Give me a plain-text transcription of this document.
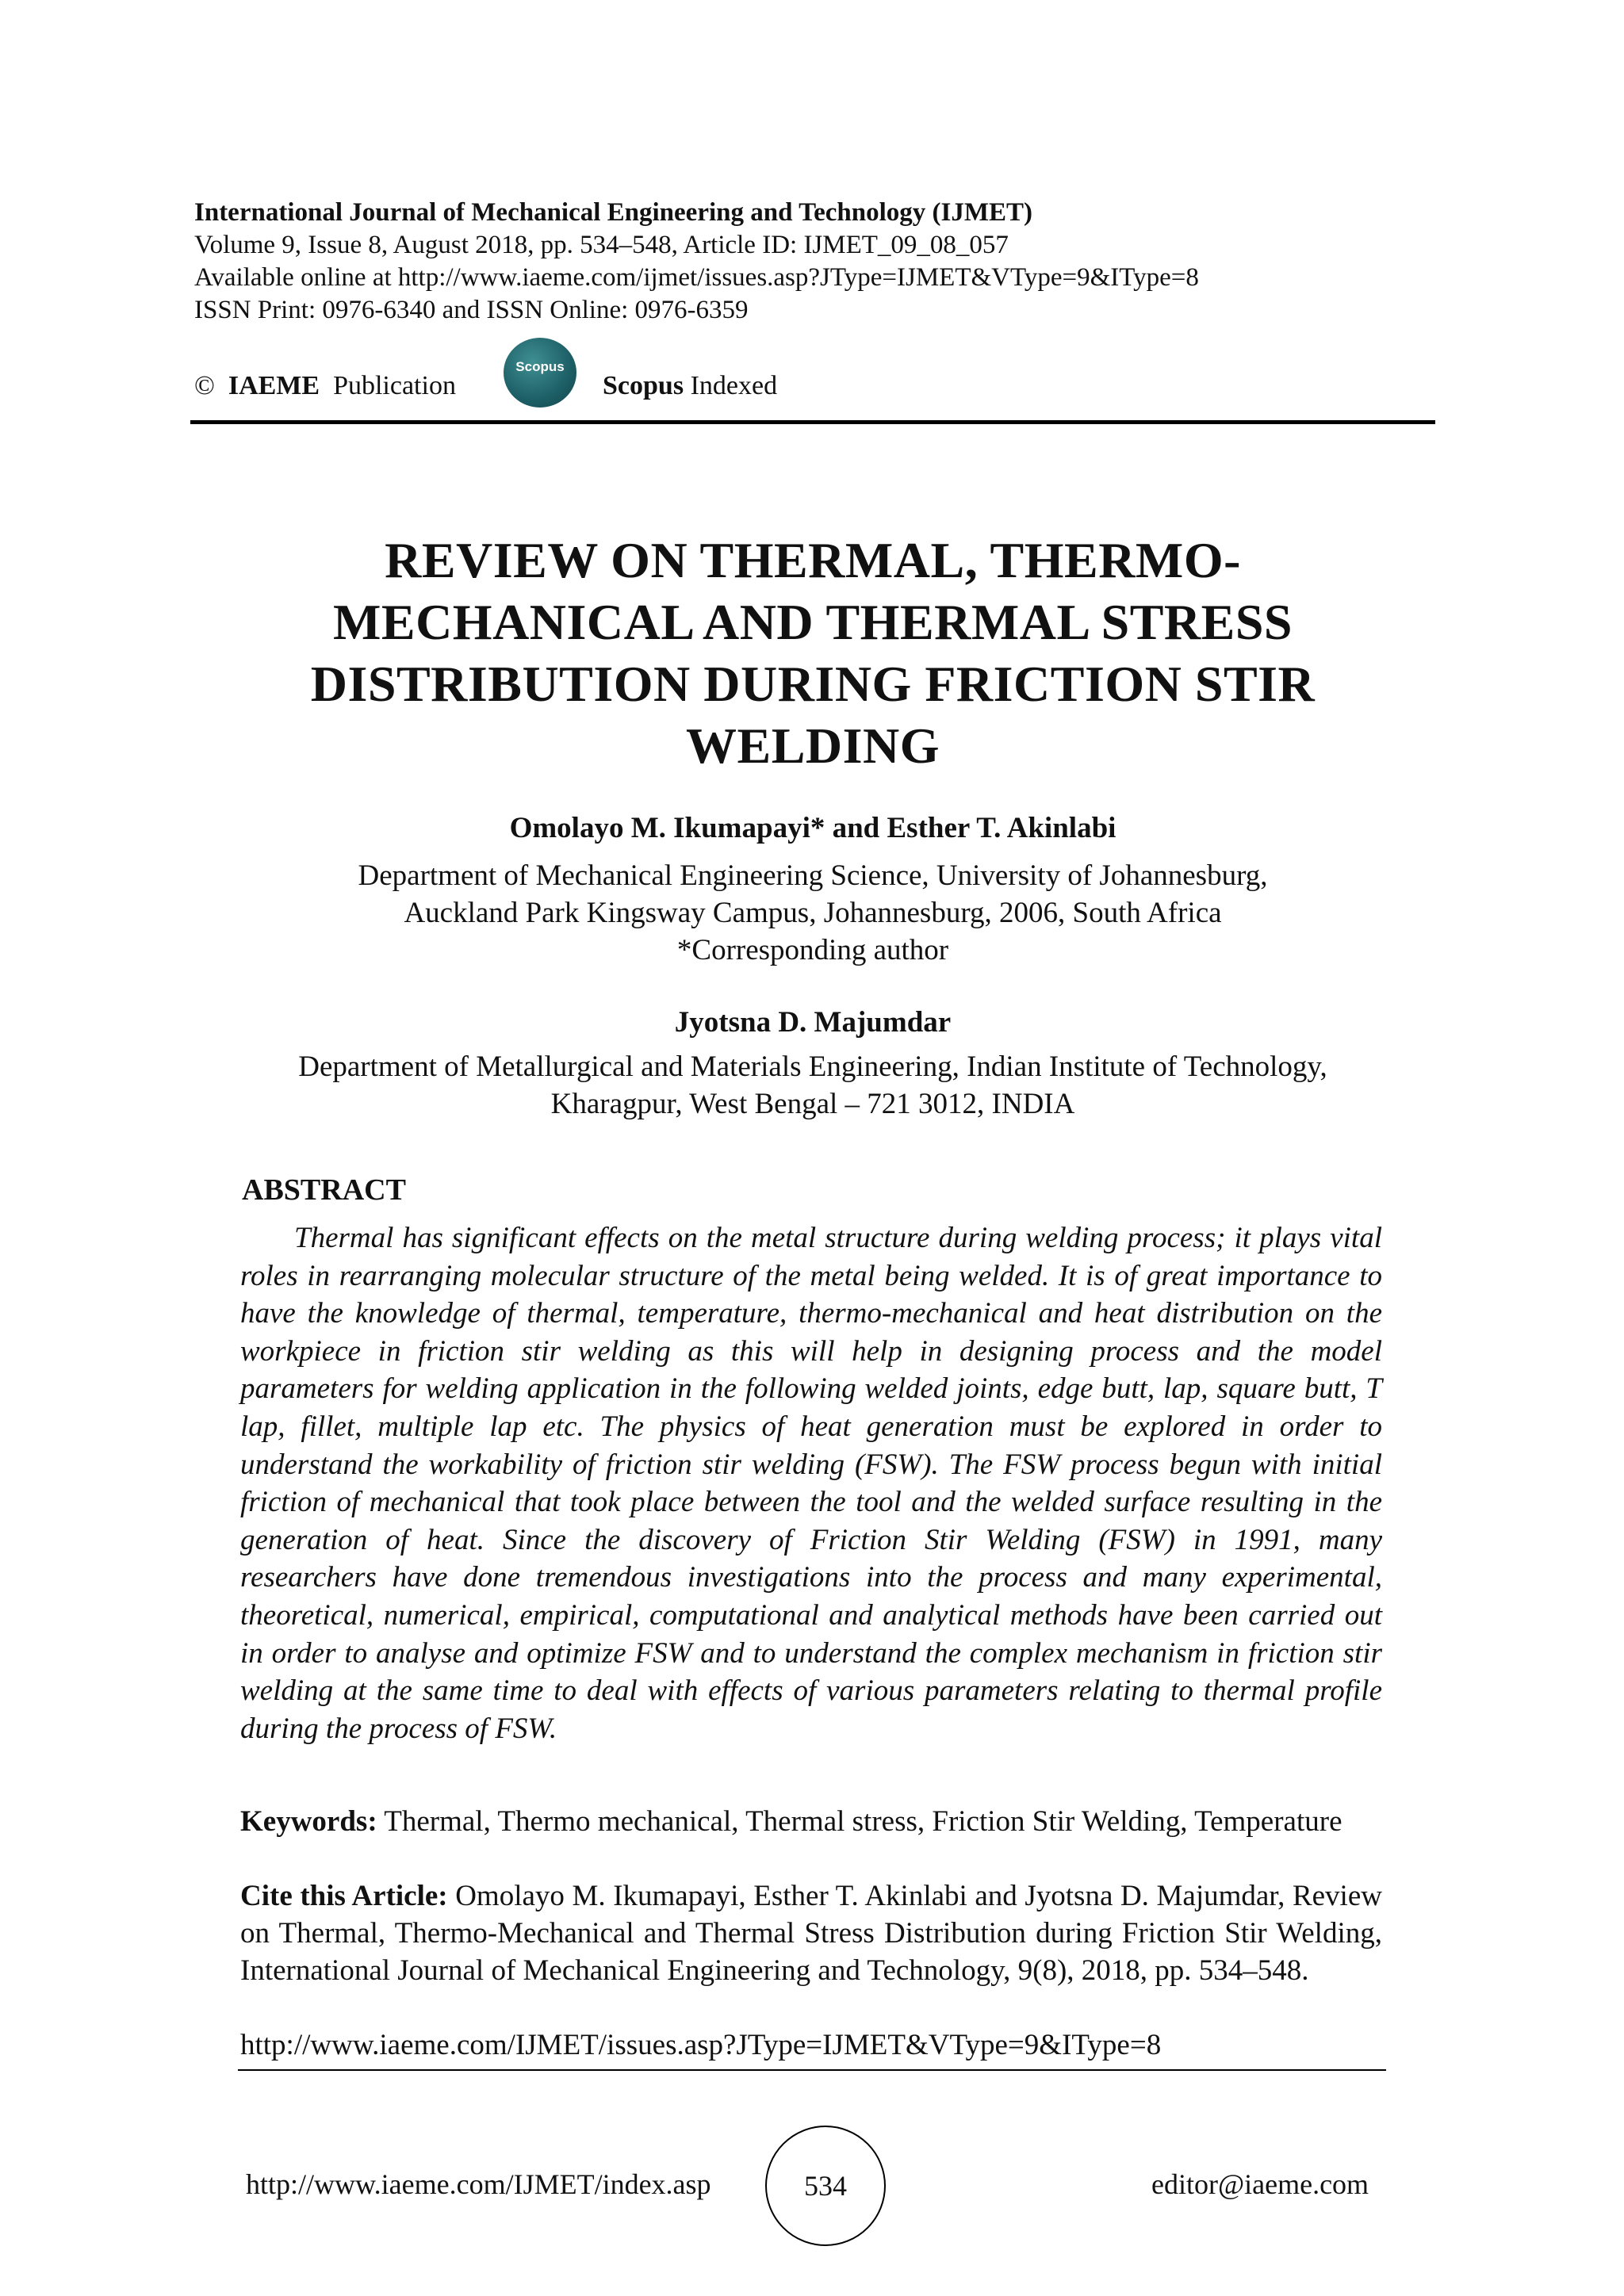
International Journal of Mechanical Engineering and Technology (IJMET)
Volume 9, Issue 8, August 2018, pp. 534–548, Article ID: IJMET_09_08_057
Available online at http://www.iaeme.com/ijmet/issues.asp?JType=IJMET&VType=9&IType=8
ISSN Print: 0976-6340 and ISSN Online: 0976-6359
© IAEME Publication
Scopus
Scopus Indexed
REVIEW ON THERMAL, THERMO-
MECHANICAL AND THERMAL STRESS
DISTRIBUTION DURING FRICTION STIR
WELDING
Omolayo M. Ikumapayi* and Esther T. Akinlabi
Department of Mechanical Engineering Science, University of Johannesburg,
Auckland Park Kingsway Campus, Johannesburg, 2006, South Africa
*Corresponding author
Jyotsna D. Majumdar
Department of Metallurgical and Materials Engineering, Indian Institute of Technology,
Kharagpur, West Bengal – 721 3012, INDIA
ABSTRACT
Thermal has significant effects on the metal structure during welding process; it plays vital roles in rearranging molecular structure of the metal being welded. It is of great importance to have the knowledge of thermal, temperature, thermo-mechanical and heat distribution on the workpiece in friction stir welding as this will help in designing process and the model parameters for welding application in the following welded joints, edge butt, lap, square butt, T lap, fillet, multiple lap etc. The physics of heat generation must be explored in order to understand the workability of friction stir welding (FSW). The FSW process begun with initial friction of mechanical that took place between the tool and the welded surface resulting in the generation of heat. Since the discovery of Friction Stir Welding (FSW) in 1991, many researchers have done tremendous investigations into the process and many experimental, theoretical, numerical, empirical, computational and analytical methods have been carried out in order to analyse and optimize FSW and to understand the complex mechanism in friction stir welding at the same time to deal with effects of various parameters relating to thermal profile during the process of FSW.
Keywords: Thermal, Thermo mechanical, Thermal stress, Friction Stir Welding, Temperature
Cite this Article: Omolayo M. Ikumapayi, Esther T. Akinlabi and Jyotsna D. Majumdar, Review on Thermal, Thermo-Mechanical and Thermal Stress Distribution during Friction Stir Welding, International Journal of Mechanical Engineering and Technology, 9(8), 2018, pp. 534–548.
http://www.iaeme.com/IJMET/issues.asp?JType=IJMET&VType=9&IType=8
http://www.iaeme.com/IJMET/index.asp	534	editor@iaeme.com
